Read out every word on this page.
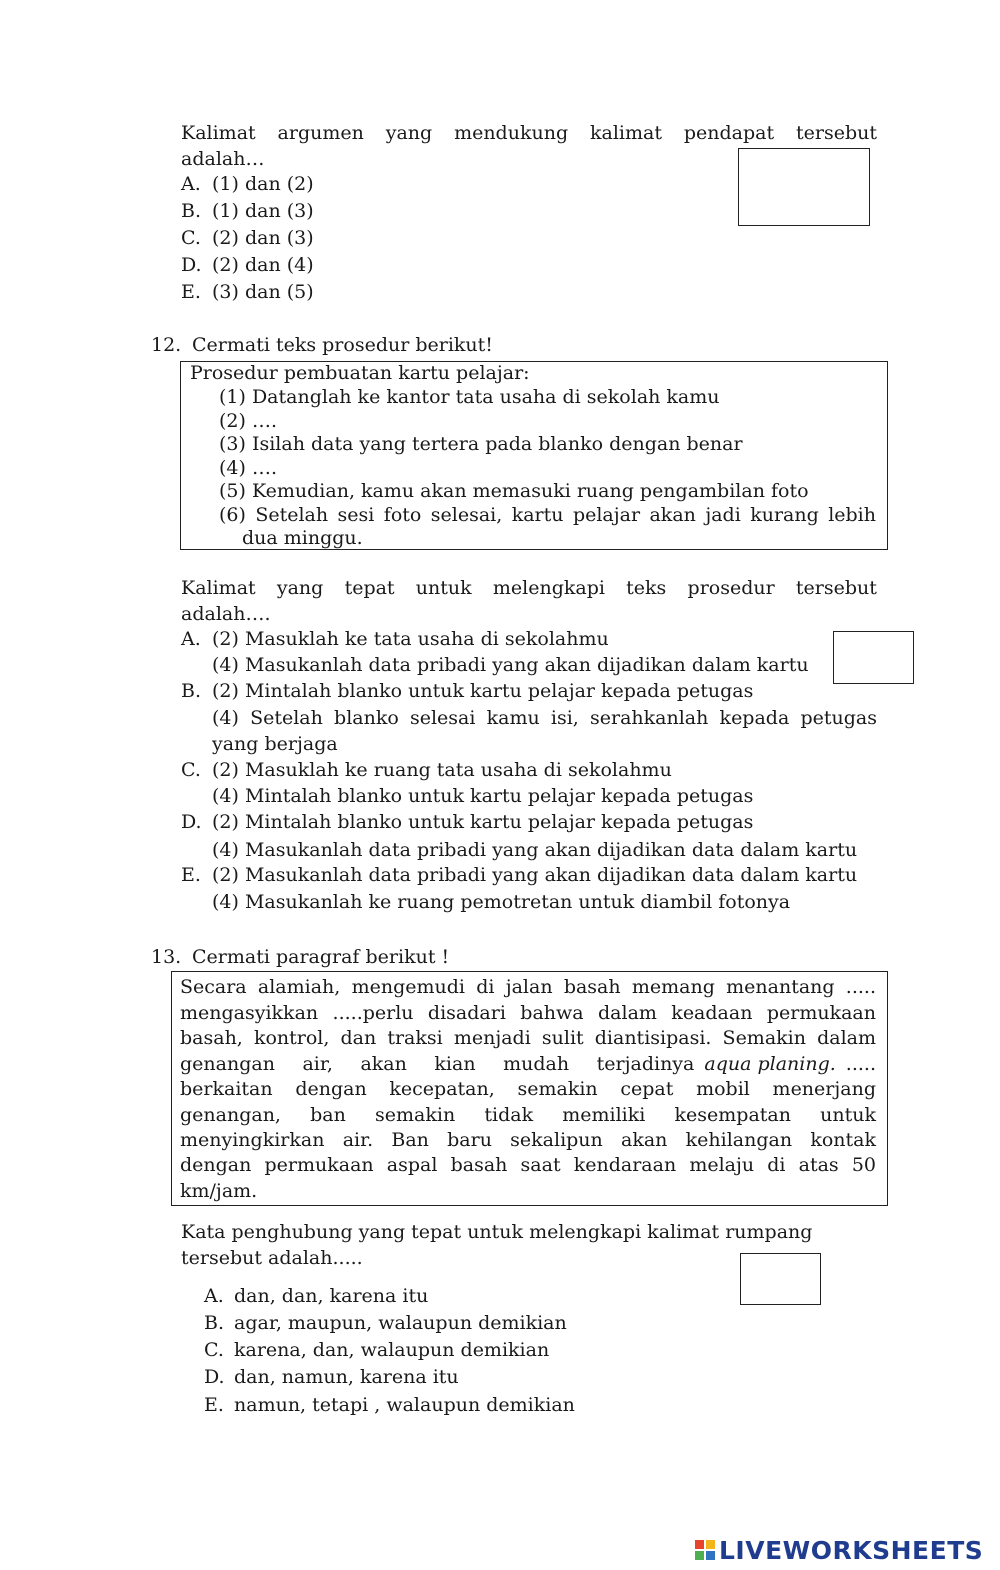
Kalimat argumen yang mendukung kalimat pendapat tersebut
adalah…
A. (1) dan (2)
B. (1) dan (3)
C. (2) dan (3)
D. (2) dan (4)
E. (3) dan (5)
12. Cermati teks prosedur berikut!
Prosedur pembuatan kartu pelajar:
(1) Datanglah ke kantor tata usaha di sekolah kamu
(2) ….
(3) Isilah data yang tertera pada blanko dengan benar
(4) ….
(5) Kemudian, kamu akan memasuki ruang pengambilan foto
(6) Setelah sesi foto selesai, kartu pelajar akan jadi kurang lebih
dua minggu.
Kalimat yang tepat untuk melengkapi teks prosedur tersebut
adalah….
A. (2) Masuklah ke tata usaha di sekolahmu
(4) Masukanlah data pribadi yang akan dijadikan dalam kartu
B. (2) Mintalah blanko untuk kartu pelajar kepada petugas
(4) Setelah blanko selesai kamu isi, serahkanlah kepada petugas
yang berjaga
C. (2) Masuklah ke ruang tata usaha di sekolahmu
(4) Mintalah blanko untuk kartu pelajar kepada petugas
D. (2) Mintalah blanko untuk kartu pelajar kepada petugas
(4) Masukanlah data pribadi yang akan dijadikan data dalam kartu
E. (2) Masukanlah data pribadi yang akan dijadikan data dalam kartu
(4) Masukanlah ke ruang pemotretan untuk diambil fotonya
13. Cermati paragraf berikut !
Secara alamiah, mengemudi di jalan basah memang menantang .....
mengasyikkan .....perlu disadari bahwa dalam keadaan permukaan
basah, kontrol, dan traksi menjadi sulit diantisipasi. Semakin dalam
genangan air, akan kian mudah terjadinya aqua planing. .....
berkaitan dengan kecepatan, semakin cepat mobil menerjang
genangan, ban semakin tidak memiliki kesempatan untuk
menyingkirkan air. Ban baru sekalipun akan kehilangan kontak
dengan permukaan aspal basah saat kendaraan melaju di atas 50
km/jam.
Kata penghubung yang tepat untuk melengkapi kalimat rumpang
tersebut adalah.....
A. dan, dan, karena itu
B. agar, maupun, walaupun demikian
C. karena, dan, walaupun demikian
D. dan, namun, karena itu
E. namun, tetapi , walaupun demikian
LIVEWORKSHEETS
